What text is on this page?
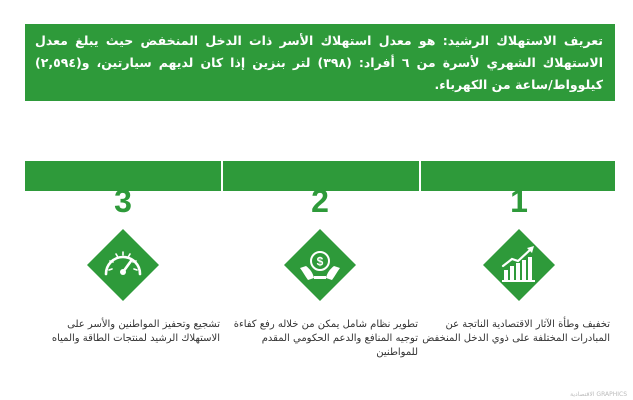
تعريف الاستهلاك الرشيد: هو معدل استهلاك الأسر ذات الدخل المنخفض حيث يبلغ معدل الاستهلاك الشهري لأسرة من ٦ أفراد: (٣٩٨) لتر بنزين إذا كان لديهم سيارتين، و(٢,٥٩٤) كيلوواط/ساعة من الكهرباء.
3	2	1
$
تشجيع وتحفيز المواطنين والأسر على الاستهلاك الرشيد لمنتجات الطاقة والمياه
تطوير نظام شامل يمكن من خلاله رفع كفاءة توجيه المنافع والدعم الحكومي المقدم للمواطنين
تخفيف وطأة الآثار الاقتصادية الناتجة عن المبادرات المختلفة على ذوي الدخل المنخفض
الاقتصادية GRAPHICS
